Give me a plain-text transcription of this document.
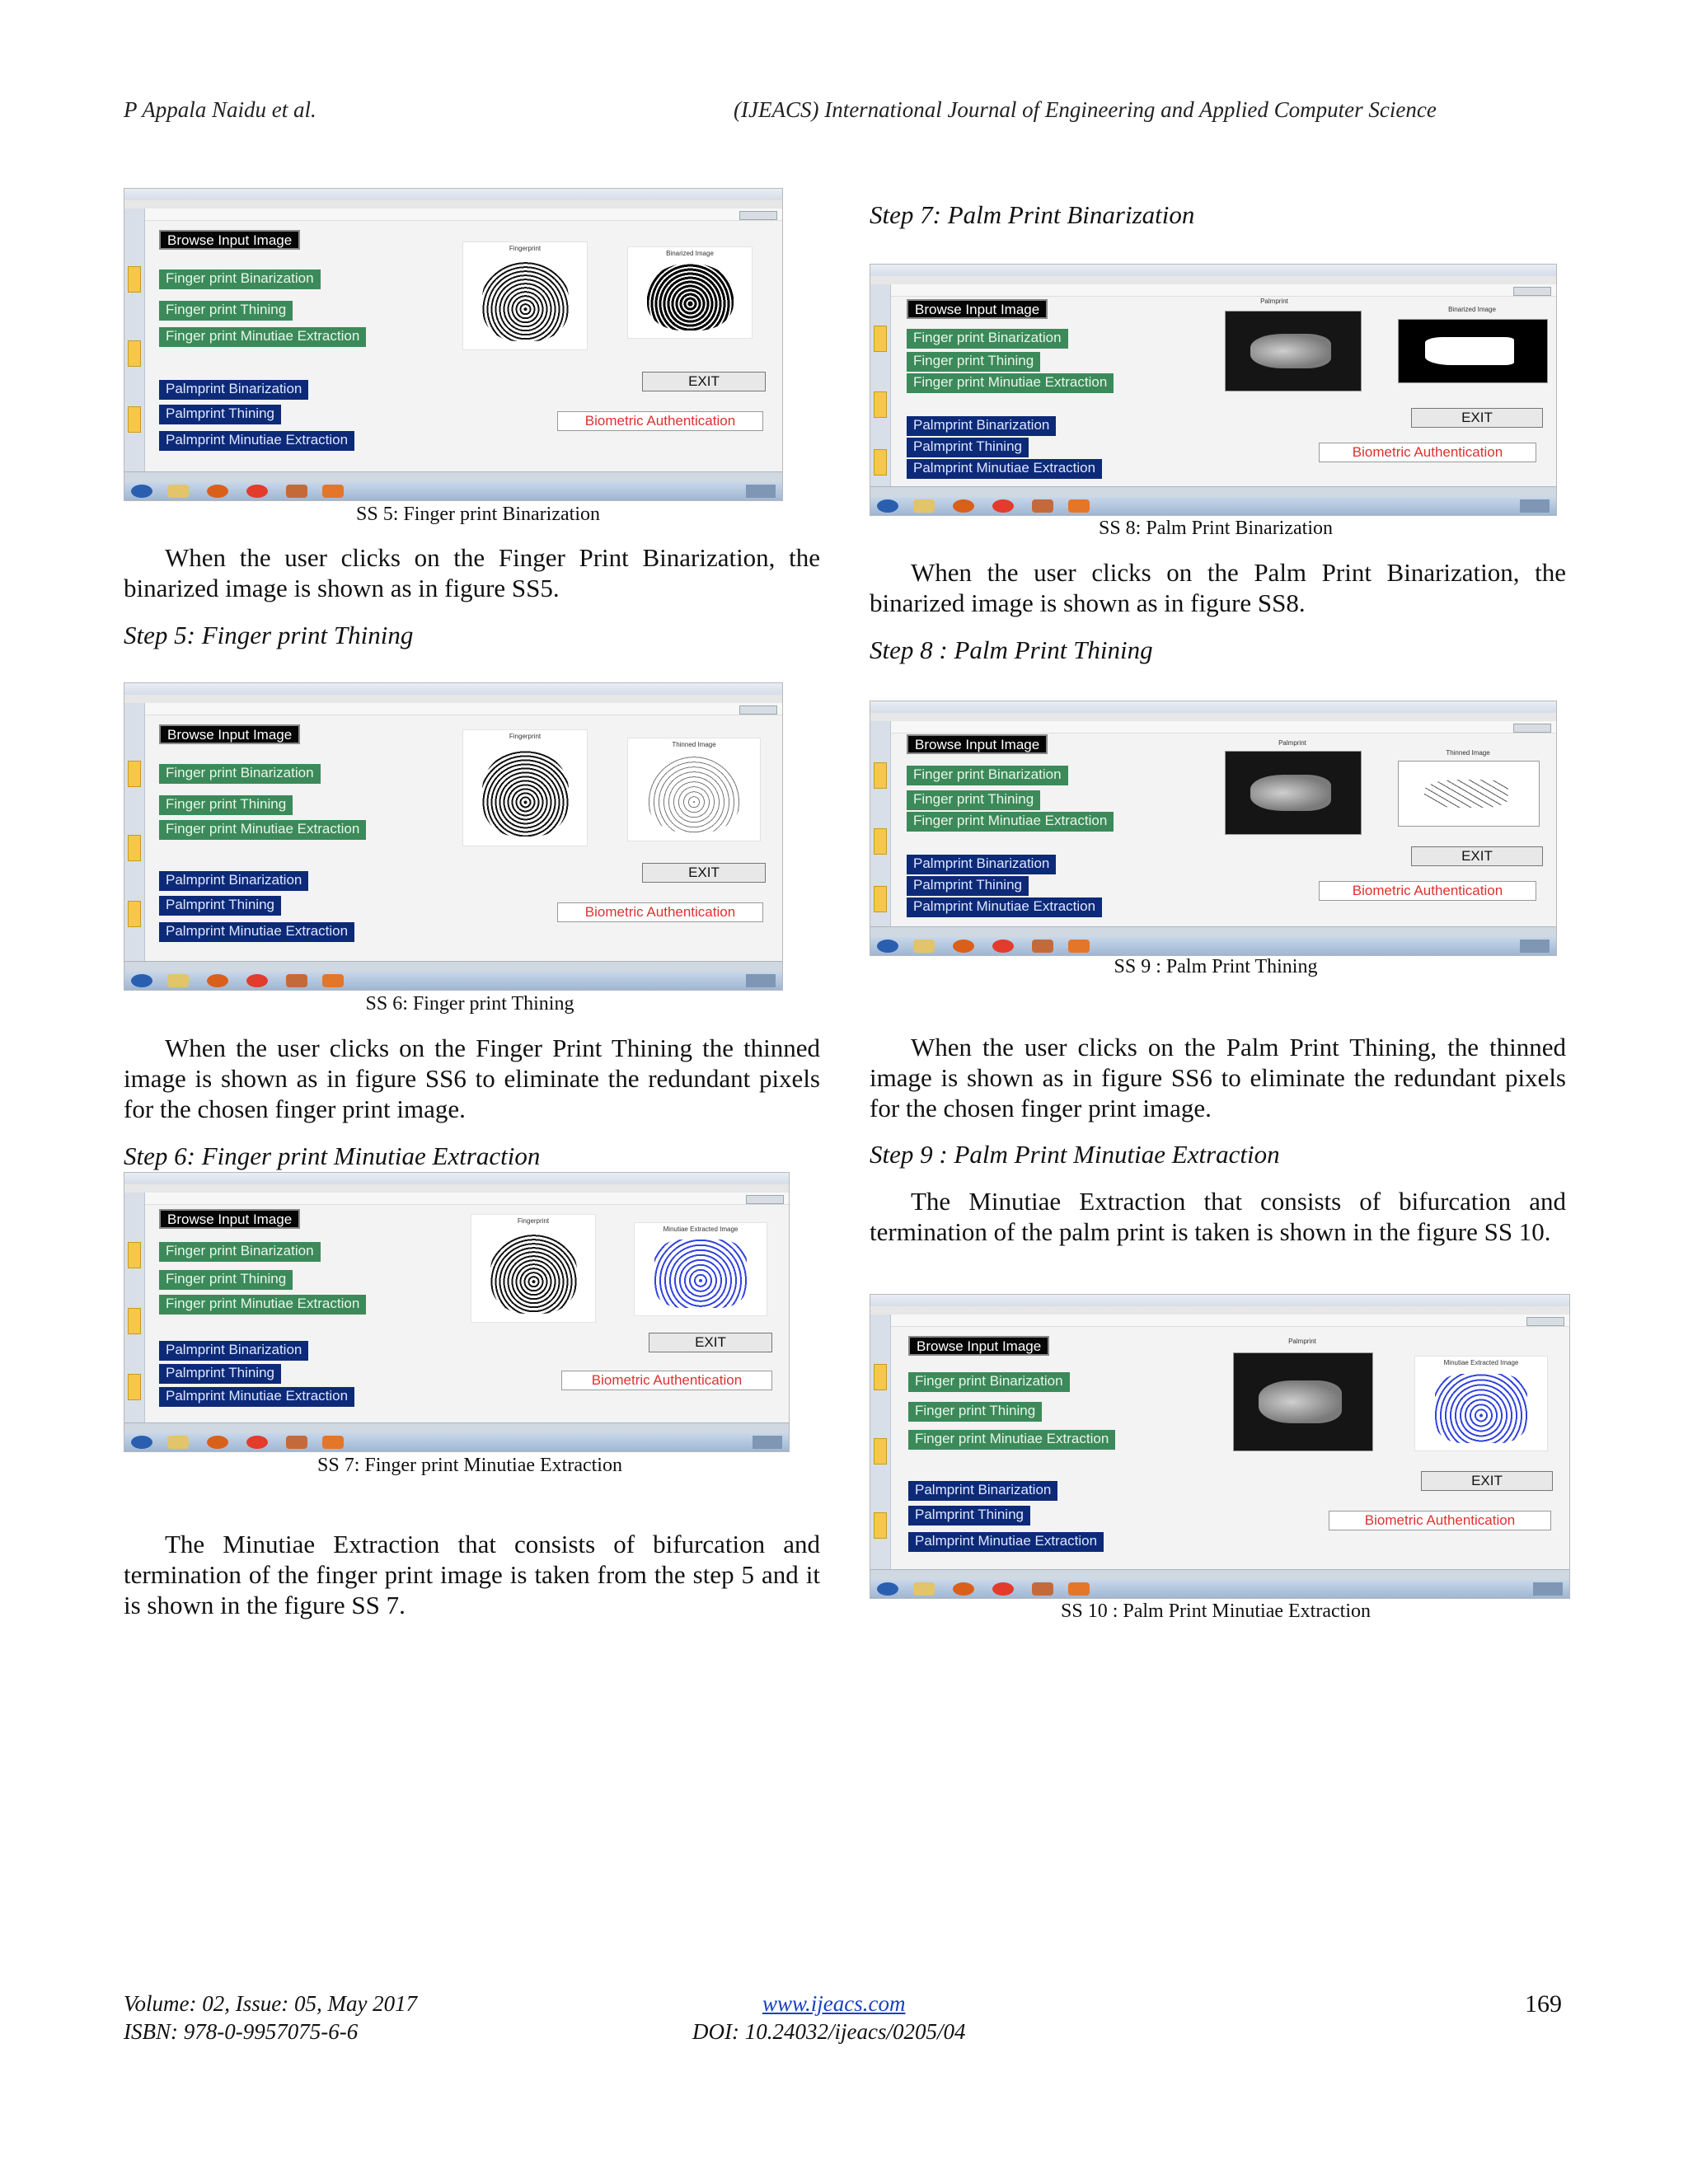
P Appala Naidu et al.	(IJEACS) International Journal of Engineering and Applied Computer Science
Browse Input Image
Finger print Binarization
Finger print Thining
Finger print Minutiae Extraction
Palmprint Binarization
Palmprint Thining
Palmprint Minutiae Extraction
EXIT
Biometric Authentication
Fingerprint
Binarized Image
SS 5: Finger print Binarization

When the user clicks on the Finger Print Binarization, the binarized image is shown as in figure SS5.

Step 5: Finger print Thining
Browse Input Image
Finger print Binarization
Finger print Thining
Finger print Minutiae Extraction
Palmprint Binarization
Palmprint Thining
Palmprint Minutiae Extraction
EXIT
Biometric Authentication
Fingerprint
Thinned Image
SS 6: Finger print Thining

When the user clicks on the Finger Print Thining the thinned image is shown as in figure SS6 to eliminate the redundant pixels for the chosen finger print image.

Step 6: Finger print Minutiae Extraction
Browse Input Image
Finger print Binarization
Finger print Thining
Finger print Minutiae Extraction
Palmprint Binarization
Palmprint Thining
Palmprint Minutiae Extraction
EXIT
Biometric Authentication
Fingerprint
Minutiae Extracted Image
SS 7: Finger print Minutiae Extraction

The Minutiae Extraction that consists of bifurcation and termination of the finger print image is taken from the step 5 and it is shown in the figure SS 7.

Step 7: Palm Print Binarization
Browse Input Image
Finger print Binarization
Finger print Thining
Finger print Minutiae Extraction
Palmprint Binarization
Palmprint Thining
Palmprint Minutiae Extraction
EXIT
Biometric Authentication
Palmprint
Binarized Image
SS 8: Palm Print Binarization

When the user clicks on the Palm Print Binarization, the binarized image is shown as in figure SS8.

Step 8 : Palm Print Thining
Browse Input Image
Finger print Binarization
Finger print Thining
Finger print Minutiae Extraction
Palmprint Binarization
Palmprint Thining
Palmprint Minutiae Extraction
EXIT
Biometric Authentication
Palmprint
Thinned Image
SS 9 : Palm Print Thining

When the user clicks on the Palm Print Thining, the thinned image is shown as in figure SS6 to eliminate the redundant pixels for the chosen finger print image.

Step 9 : Palm Print Minutiae Extraction

The Minutiae Extraction that consists of bifurcation and termination of the palm print is taken is shown in the figure SS 10.

Browse Input Image
Finger print Binarization
Finger print Thining
Finger print Minutiae Extraction
Palmprint Binarization
Palmprint Thining
Palmprint Minutiae Extraction
EXIT
Biometric Authentication
Palmprint
Minutiae Extracted Image
SS 10 : Palm Print Minutiae Extraction
Volume: 02, Issue: 05, May 2017
ISBN: 978-0-9957075-6-6
www.ijeacs.com
DOI: 10.24032/ijeacs/0205/04
169
